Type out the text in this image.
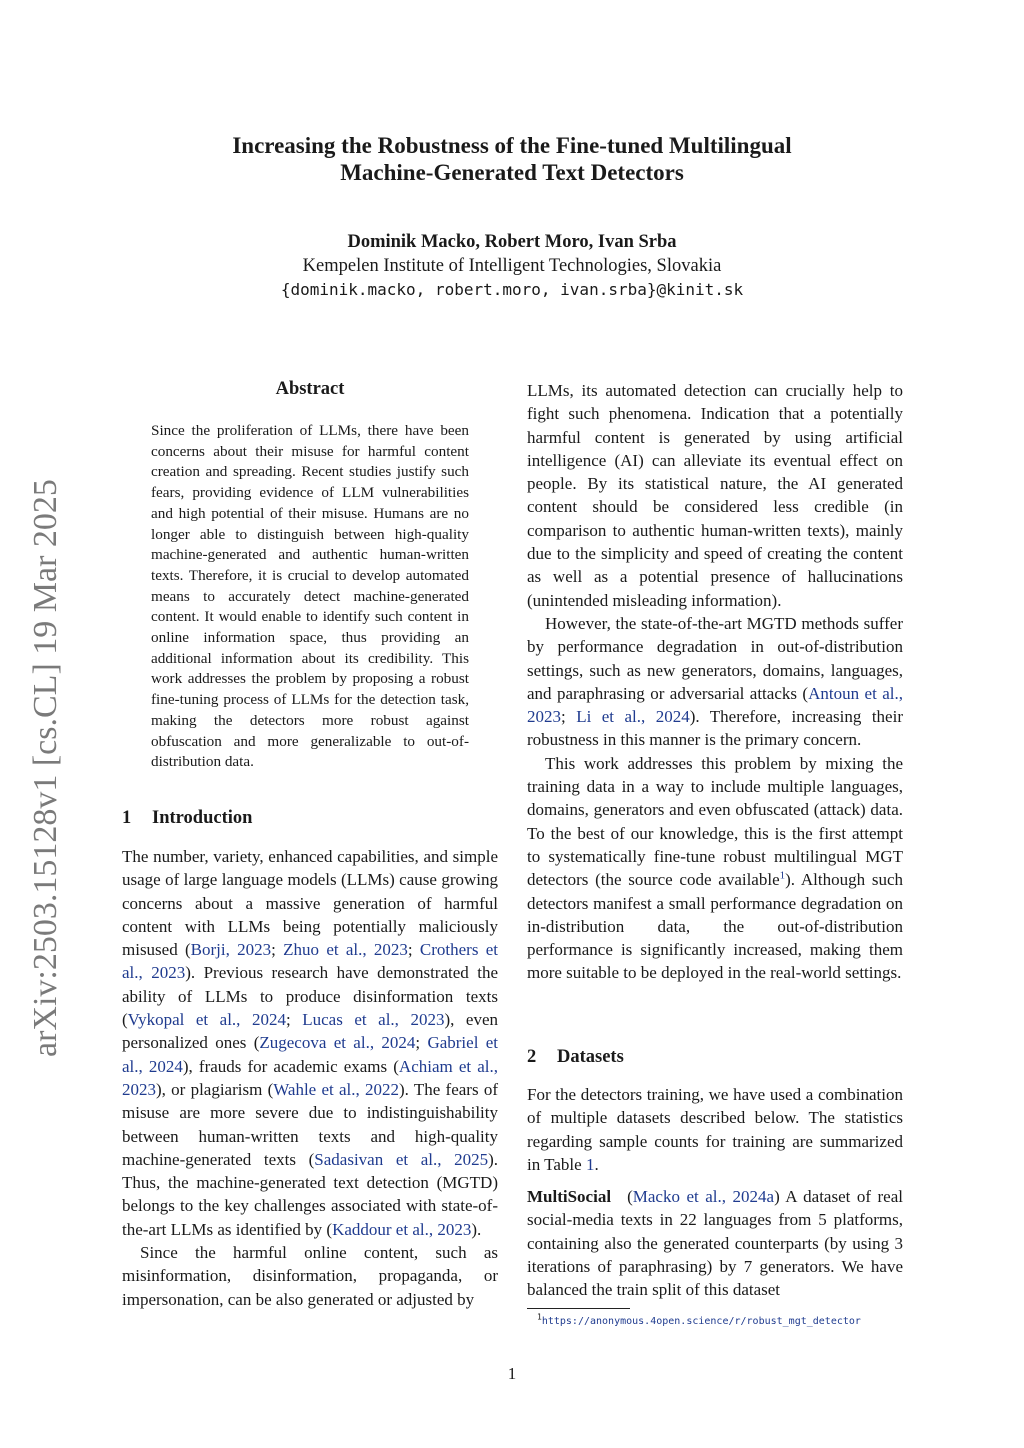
Increasing the Robustness of the Fine-tuned Multilingual
Machine-Generated Text Detectors
Dominik Macko, Robert Moro, Ivan Srba
Kempelen Institute of Intelligent Technologies, Slovakia
{dominik.macko, robert.moro, ivan.srba}@kinit.sk
arXiv:2503.15128v1 [cs.CL] 19 Mar 2025
Abstract
Since the proliferation of LLMs, there have been concerns about their misuse for harmful content creation and spreading. Recent studies justify such fears, providing evidence of LLM vulnerabilities and high potential of their misuse. Humans are no longer able to distinguish between high-quality machine-generated and authentic human-written texts. Therefore, it is crucial to develop automated means to accurately detect machine-generated content. It would enable to identify such content in online information space, thus providing an additional information about its credibility. This work addresses the problem by proposing a robust fine-tuning process of LLMs for the detection task, making the detectors more robust against obfuscation and more generalizable to out-of-distribution data.
1 Introduction

The number, variety, enhanced capabilities, and simple usage of large language models (LLMs) cause growing concerns about a massive generation of harmful content with LLMs being potentially maliciously misused (Borji, 2023; Zhuo et al., 2023; Crothers et al., 2023). Previous research have demonstrated the ability of LLMs to produce disinformation texts (Vykopal et al., 2024; Lucas et al., 2023), even personalized ones (Zugecova et al., 2024; Gabriel et al., 2024), frauds for academic exams (Achiam et al., 2023), or plagiarism (Wahle et al., 2022). The fears of misuse are more severe due to indistinguishability between human-written texts and high-quality machine-generated texts (Sadasivan et al., 2025). Thus, the machine-generated text detection (MGTD) belongs to the key challenges associated with state-of-the-art LLMs as identified by (Kaddour et al., 2023).

Since the harmful online content, such as misinformation, disinformation, propaganda, or impersonation, can be also generated or adjusted by

LLMs, its automated detection can crucially help to fight such phenomena. Indication that a potentially harmful content is generated by using artificial intelligence (AI) can alleviate its eventual effect on people. By its statistical nature, the AI generated content should be considered less credible (in comparison to authentic human-written texts), mainly due to the simplicity and speed of creating the content as well as a potential presence of hallucinations (unintended misleading information).

However, the state-of-the-art MGTD methods suffer by performance degradation in out-of-distribution settings, such as new generators, domains, languages, and paraphrasing or adversarial attacks (Antoun et al., 2023; Li et al., 2024). Therefore, increasing their robustness in this manner is the primary concern.

This work addresses this problem by mixing the training data in a way to include multiple languages, domains, generators and even obfuscated (attack) data. To the best of our knowledge, this is the first attempt to systematically fine-tune robust multilingual MGT detectors (the source code available$^1$). Although such detectors manifest a small performance degradation on in-distribution data, the out-of-distribution performance is significantly increased, making them more suitable to be deployed in the real-world settings.

2 Datasets

For the detectors training, we have used a combination of multiple datasets described below. The statistics regarding sample counts for training are summarized in Table 1.

MultiSocial (Macko et al., 2024a) A dataset of real social-media texts in 22 languages from 5 platforms, containing also the generated counterparts (by using 3 iterations of paraphrasing) by 7 generators. We have balanced the train split of this dataset

$^1$https://anonymous.4open.science/r/robust_mgt_detector
1
